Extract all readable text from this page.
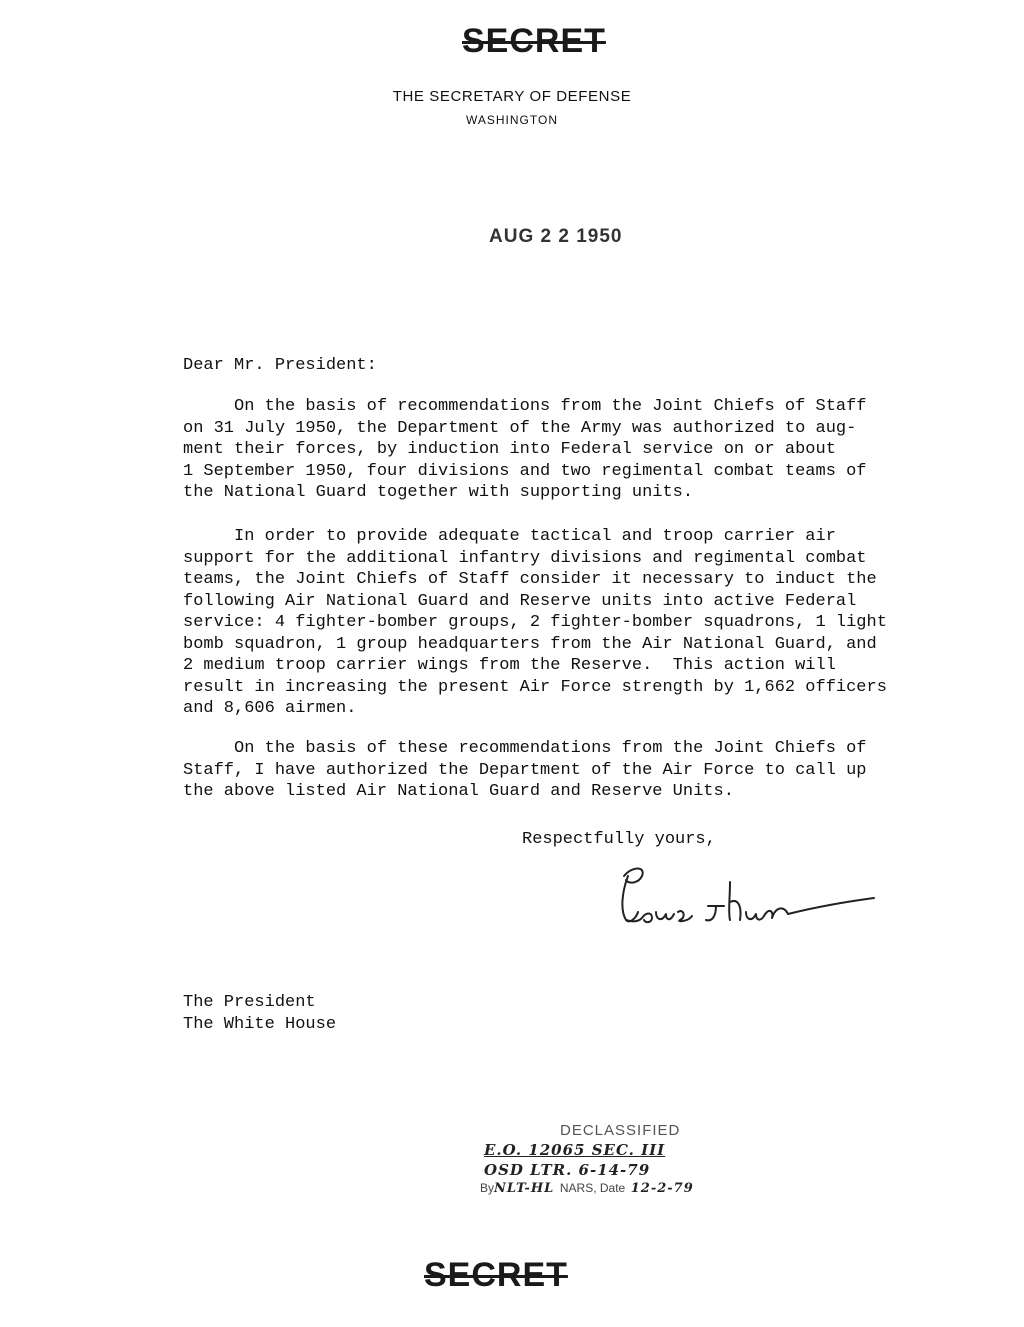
SECRET
THE SECRETARY OF DEFENSE
WASHINGTON
AUG 2 2 1950
Dear Mr. President:

On the basis of recommendations from the Joint Chiefs of Staff
on 31 July 1950, the Department of the Army was authorized to aug-
ment their forces, by induction into Federal service on or about
1 September 1950, four divisions and two regimental combat teams of
the National Guard together with supporting units.

In order to provide adequate tactical and troop carrier air
support for the additional infantry divisions and regimental combat
teams, the Joint Chiefs of Staff consider it necessary to induct the
following Air National Guard and Reserve units into active Federal
service: 4 fighter-bomber groups, 2 fighter-bomber squadrons, 1 light
bomb squadron, 1 group headquarters from the Air National Guard, and
2 medium troop carrier wings from the Reserve.  This action will
result in increasing the present Air Force strength by 1,662 officers
and 8,606 airmen.

On the basis of these recommendations from the Joint Chiefs of
Staff, I have authorized the Department of the Air Force to call up
the above listed Air National Guard and Reserve Units.

Respectfully yours,
The President
The White House
DECLASSIFIED
E.O. 12065 SEC. III
OSD LTR. 6-14-79
ByNLT-HL NARS, Date 12-2-79
SECRET
